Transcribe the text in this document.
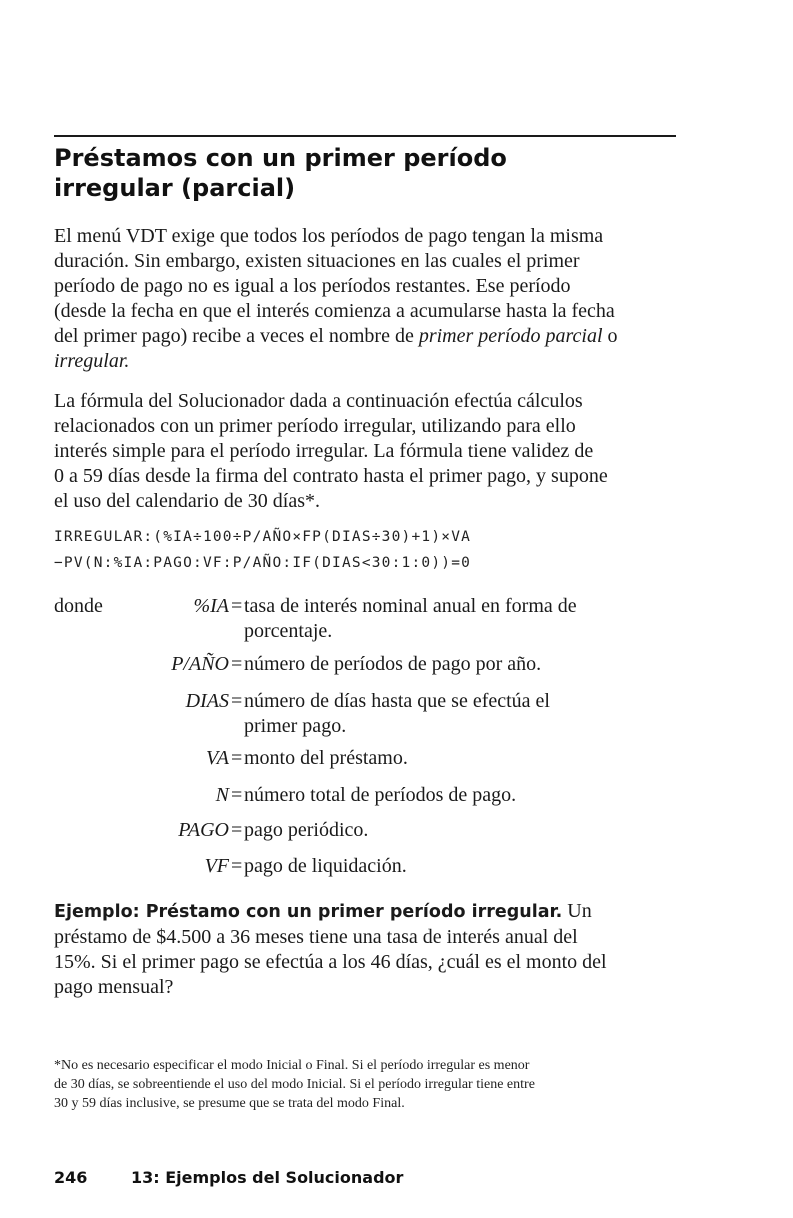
Préstamos con un primer período
irregular (parcial)

El menú VDT exige que todos los períodos de pago tengan la misma
duración. Sin embargo, existen situaciones en las cuales el primer
período de pago no es igual a los períodos restantes. Ese período
(desde la fecha en que el interés comienza a acumularse hasta la fecha
del primer pago) recibe a veces el nombre de primer período parcial o
irregular.

La fórmula del Solucionador dada a continuación efectúa cálculos
relacionados con un primer período irregular, utilizando para ello
interés simple para el período irregular. La fórmula tiene validez de
0 a 59 días desde la firma del contrato hasta el primer pago, y supone
el uso del calendario de 30 días*.

IRREGULAR:(%IA÷100÷P/AÑO×FP(DIAS÷30)+1)×VA
−PV(N:%IA:PAGO:VF:P/AÑO:IF(DIAS<30:1:0))=0
donde	%IA = tasa de interés nominal anual en forma de
porcentaje.
P/AÑO = número de períodos de pago por año.
DIAS = número de días hasta que se efectúa el
primer pago.
VA = monto del préstamo.
N = número total de períodos de pago.
PAGO = pago periódico.
VF = pago de liquidación.
Ejemplo: Préstamo con un primer período irregular. Un
préstamo de $4.500 a 36 meses tiene una tasa de interés anual del
15%. Si el primer pago se efectúa a los 46 días, ¿cuál es el monto del
pago mensual?
*No es necesario especificar el modo Inicial o Final. Si el período irregular es menor
de 30 días, se sobreentiende el uso del modo Inicial. Si el período irregular tiene entre
30 y 59 días inclusive, se presume que se trata del modo Final.
246	13: Ejemplos del Solucionador
